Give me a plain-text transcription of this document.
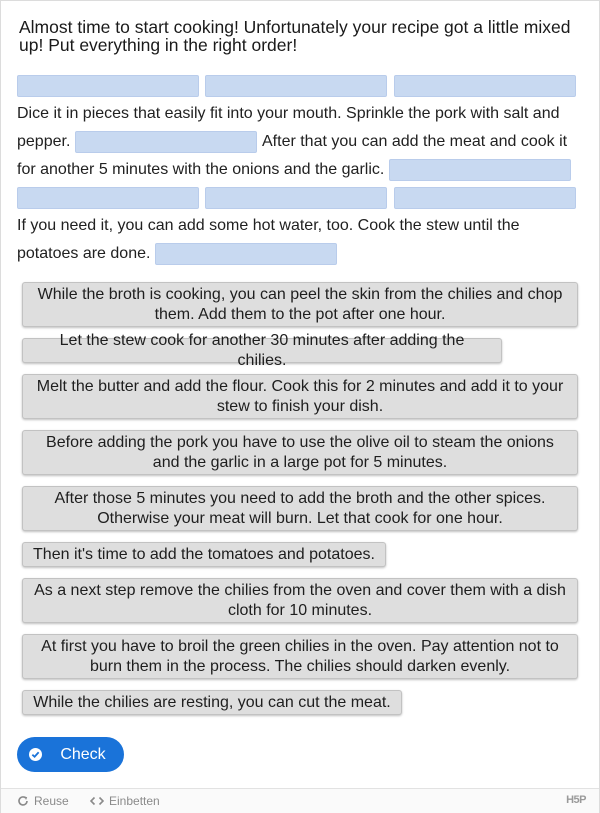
Almost time to start cooking! Unfortunately your recipe got a little mixed up! Put everything in the right order!
Dice it in pieces that easily fit into your mouth. Sprinkle the pork with salt and
pepper.	After that you can add the meat and cook it
for another 5 minutes with the onions and the garlic.
If you need it, you can add some hot water, too. Cook the stew until the
potatoes are done.
While the broth is cooking, you can peel the skin from the chilies and chop them. Add them to the pot after one hour.
Let the stew cook for another 30 minutes after adding the chilies.
Melt the butter and add the flour. Cook this for 2 minutes and add it to your stew to finish your dish.
Before adding the pork you have to use the olive oil to steam the onions and the garlic in a large pot for 5 minutes.
After those 5 minutes you need to add the broth and the other spices. Otherwise your meat will burn. Let that cook for one hour.
Then it's time to add the tomatoes and potatoes.
As a next step remove the chilies from the oven and cover them with a dish cloth for 10 minutes.
At first you have to broil the green chilies in the oven. Pay attention not to burn them in the process. The chilies should darken evenly.
While the chilies are resting, you can cut the meat.
Check
Reuse	Einbetten	H5P
